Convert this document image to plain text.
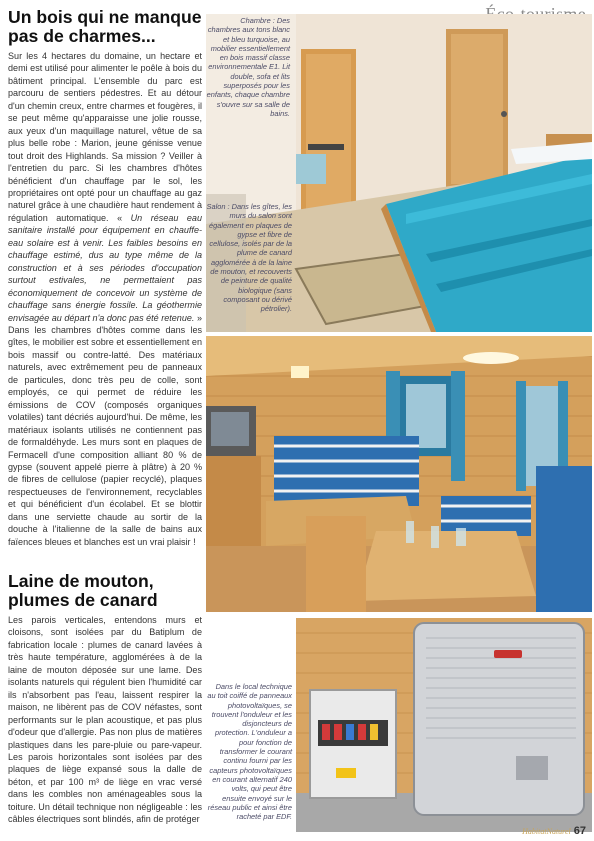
Un bois qui ne manque pas de charmes...

Sur les 4 hectares du domaine, un hectare et demi est utilisé pour alimenter le poêle à bois du bâtiment principal. L'ensemble du parc est parcouru de sentiers pédestres. Et au détour d'un chemin creux, entre charmes et fougères, il se peut même qu'apparaisse une jolie rousse, aux yeux d'un maquillage naturel, vêtue de sa plus belle robe : Marion, jeune génisse venue tout droit des Highlands. Sa mission ? Veiller à l'entretien du parc. Si les chambres d'hôtes bénéficient d'un chauffage par le sol, les propriétaires ont opté pour un chauffage au gaz naturel grâce à une chaudière haut rendement à régulation automatique. « Un réseau eau sanitaire installé pour équipement en chauffe-eau solaire est à venir. Les faibles besoins en chauffage estimé, dus au type même de la construction et à ses périodes d'occupation surtout estivales, ne permettaient pas économiquement de concevoir un système de chauffage sans énergie fossile. La géothermie envisagée au départ n'a donc pas été retenue. » Dans les chambres d'hôtes comme dans les gîtes, le mobilier est sobre et essentiellement en bois massif ou contre-latté. Des matériaux naturels, avec extrêmement peu de panneaux de particules, donc très peu de colle, sont employés, ce qui permet de réduire les émissions de COV (composés organiques volatiles) tant décriés aujourd'hui. De même, les matériaux isolants utilisés ne contiennent pas de formaldéhyde. Les murs sont en plaques de Fermacell d'une composition alliant 80 % de gypse (souvent appelé pierre à plâtre) à 20 % de fibres de cellulose (papier recyclé), plaques respectueuses de l'environnement, recyclables et qui bénéficient d'un écolabel. Et se blottir dans une serviette chaude au sortir de la douche à l'italienne de la salle de bains aux faïences bleues et blanches est un vrai plaisir !

Laine de mouton, plumes de canard

Les parois verticales, entendons murs et cloisons, sont isolées par du Batiplum de fabrication locale : plumes de canard lavées à très haute température, agglomérées à de la laine de mouton déposée sur une lame. Des isolants naturels qui régulent bien l'humidité car ils n'absorbent pas l'eau, laissent respirer la maison, ne libèrent pas de COV néfastes, sont performants sur le plan acoustique, et pas plus d'odeur que d'allergie. Pas non plus de matières plastiques dans les pare-pluie ou pare-vapeur. Les parois horizontales sont isolées par des plaques de liège expansé sous la dalle de béton, et par 100 m³ de liège en vrac versé dans les combles non aménageables sous la toiture. Un détail technique non négligeable : les câbles électriques sont blindés, afin de protéger

Chambre : Des chambres aux tons blanc et bleu turquoise, au mobilier essentiellement en bois massif classe environnementale E1. Lit double, sofa et lits superposés pour les enfants, chaque chambre s'ouvre sur sa salle de bains.
Salon : Dans les gîtes, les murs du salon sont également en plaques de gypse et fibre de cellulose, isolés par de la plume de canard agglomérée à de la laine de mouton, et recouverts de peinture de qualité biologique (sans composant ou dérivé pétrolier).
Dans le local technique au toit coiffé de panneaux photovoltaïques, se trouvent l'onduleur et les disjoncteurs de protection. L'onduleur a pour fonction de transformer le courant continu fourni par les capteurs photovoltaïques en courant alternatif 240 volts, qui peut être ensuite envoyé sur le réseau public et ainsi être racheté par EDF.
HabitatNaturel 67
